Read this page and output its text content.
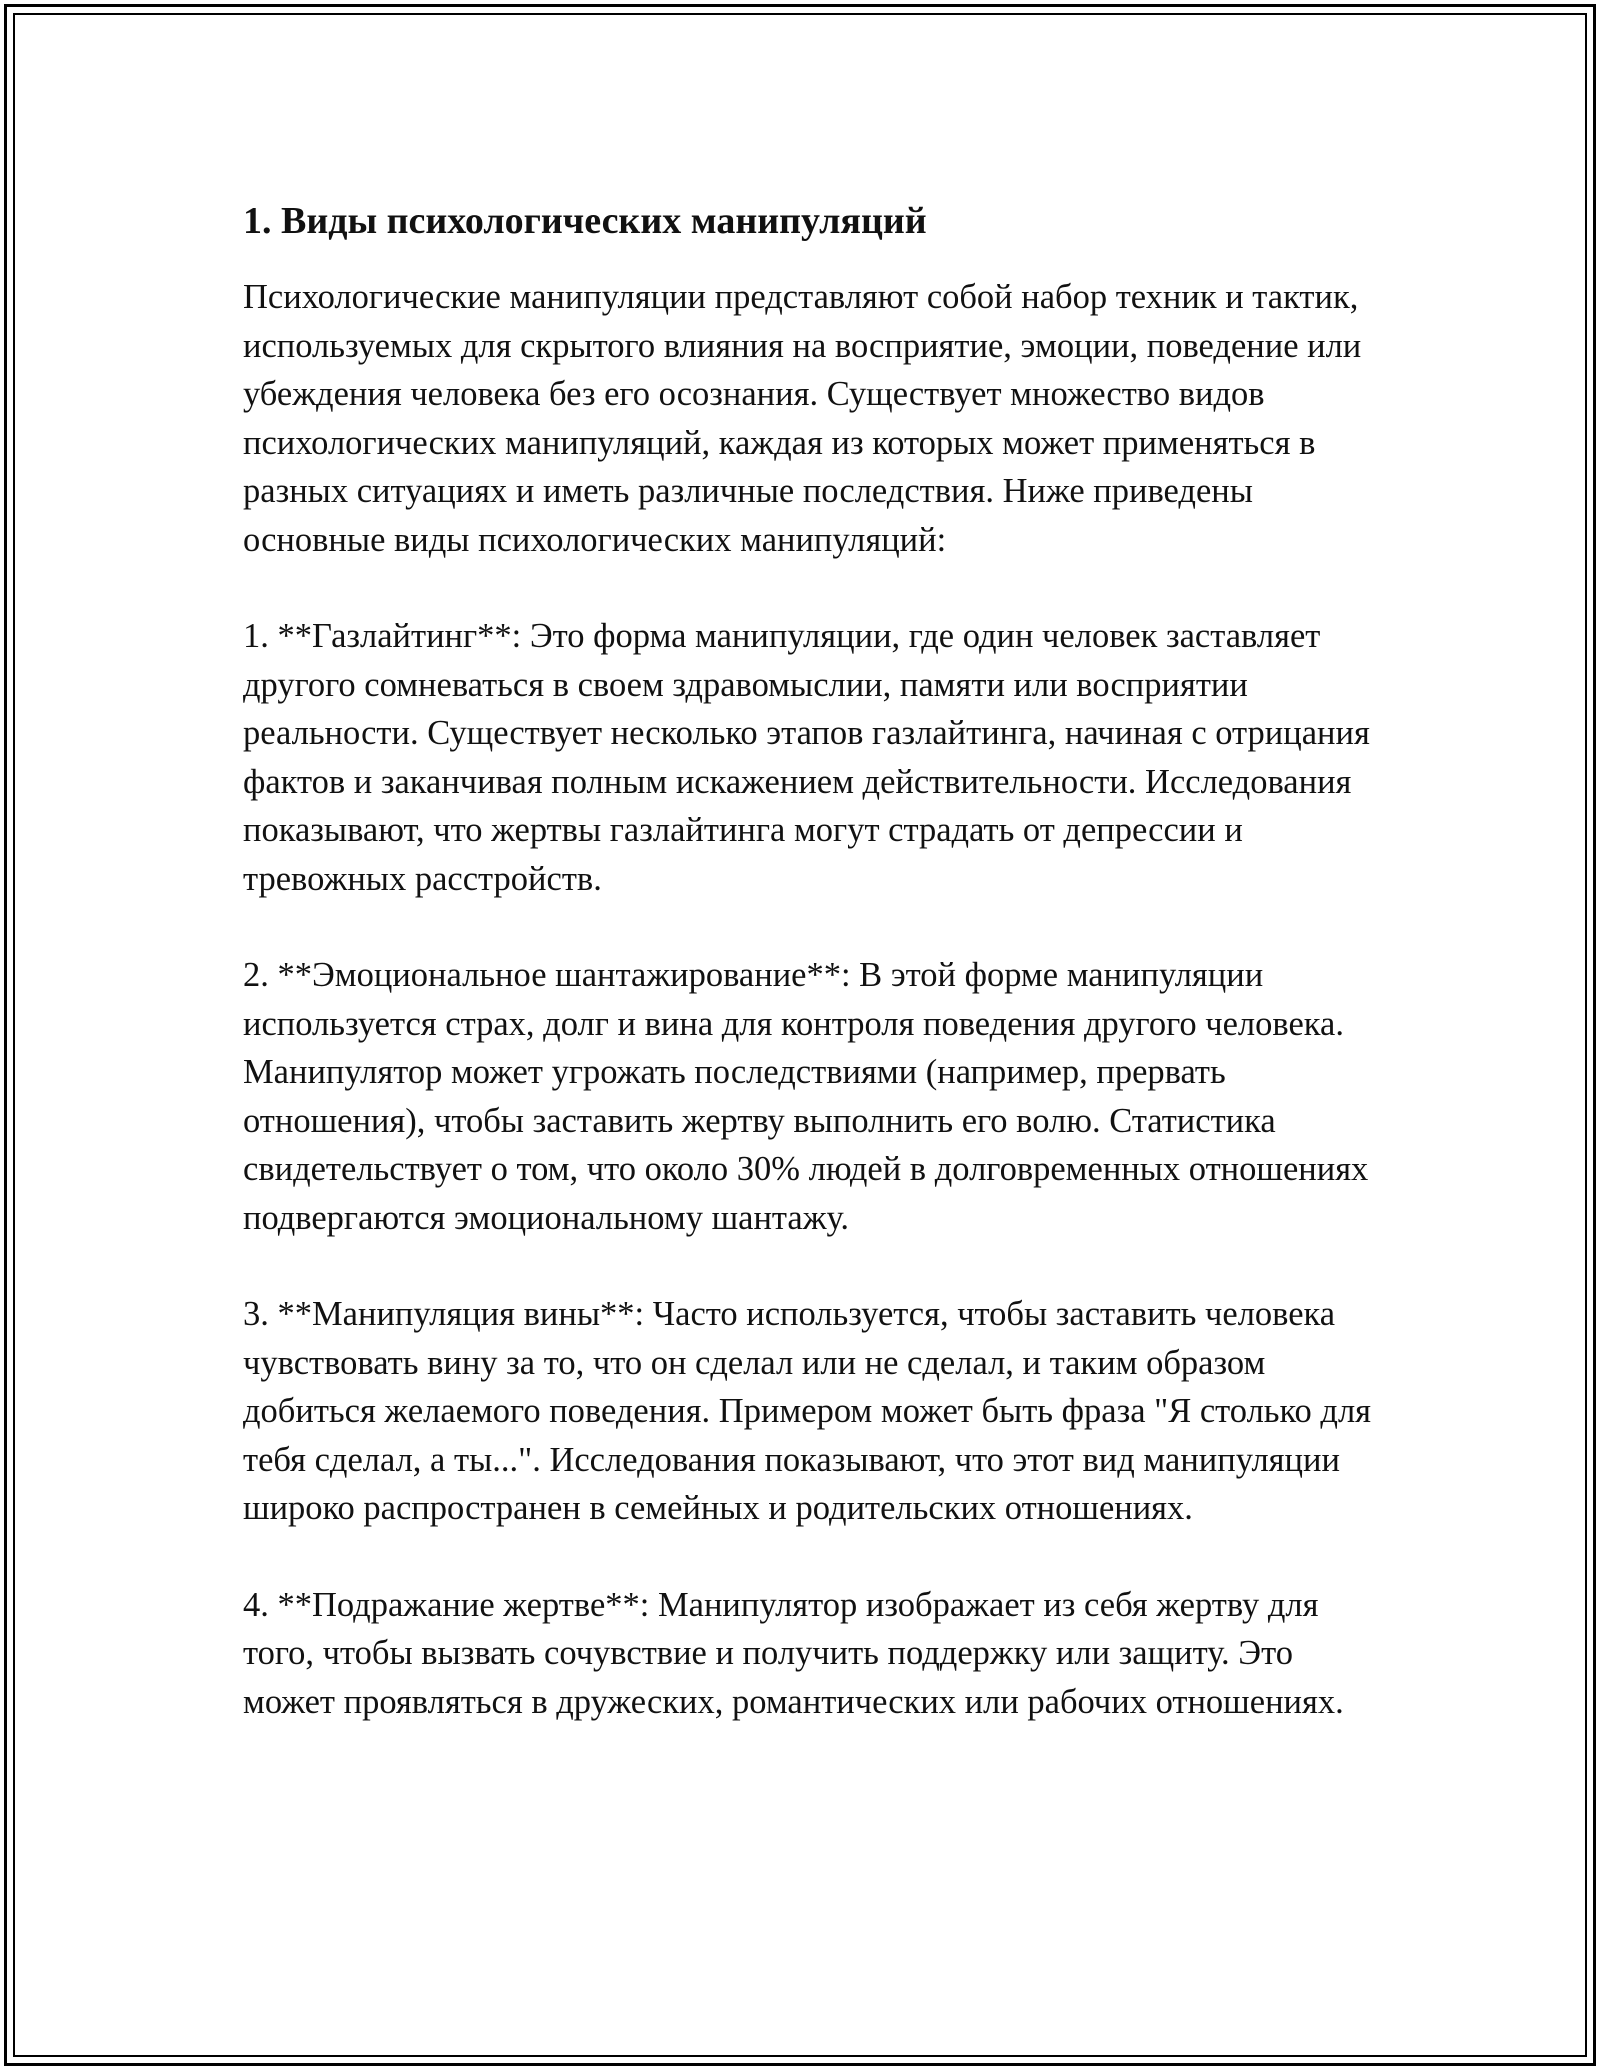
1. Виды психологических манипуляций

Психологические манипуляции представляют собой набор техник и тактик, используемых для скрытого влияния на восприятие, эмоции, поведение или убеждения человека без его осознания. Существует множество видов психологических манипуляций, каждая из которых может применяться в разных ситуациях и иметь различные последствия. Ниже приведены основные виды психологических манипуляций:

1. **Газлайтинг**: Это форма манипуляции, где один человек заставляет другого сомневаться в своем здравомыслии, памяти или восприятии реальности. Существует несколько этапов газлайтинга, начиная с отрицания фактов и заканчивая полным искажением действительности. Исследования показывают, что жертвы газлайтинга могут страдать от депрессии и тревожных расстройств.

2. **Эмоциональное шантажирование**: В этой форме манипуляции используется страх, долг и вина для контроля поведения другого человека. Манипулятор может угрожать последствиями (например, прервать отношения), чтобы заставить жертву выполнить его волю. Статистика свидетельствует о том, что около 30% людей в долговременных отношениях подвергаются эмоциональному шантажу.

3. **Манипуляция вины**: Часто используется, чтобы заставить человека чувствовать вину за то, что он сделал или не сделал, и таким образом добиться желаемого поведения. Примером может быть фраза "Я столько для тебя сделал, а ты...". Исследования показывают, что этот вид манипуляции широко распространен в семейных и родительских отношениях.

4. **Подражание жертве**: Манипулятор изображает из себя жертву для того, чтобы вызвать сочувствие и получить поддержку или защиту. Это может проявляться в дружеских, романтических или рабочих отношениях.
